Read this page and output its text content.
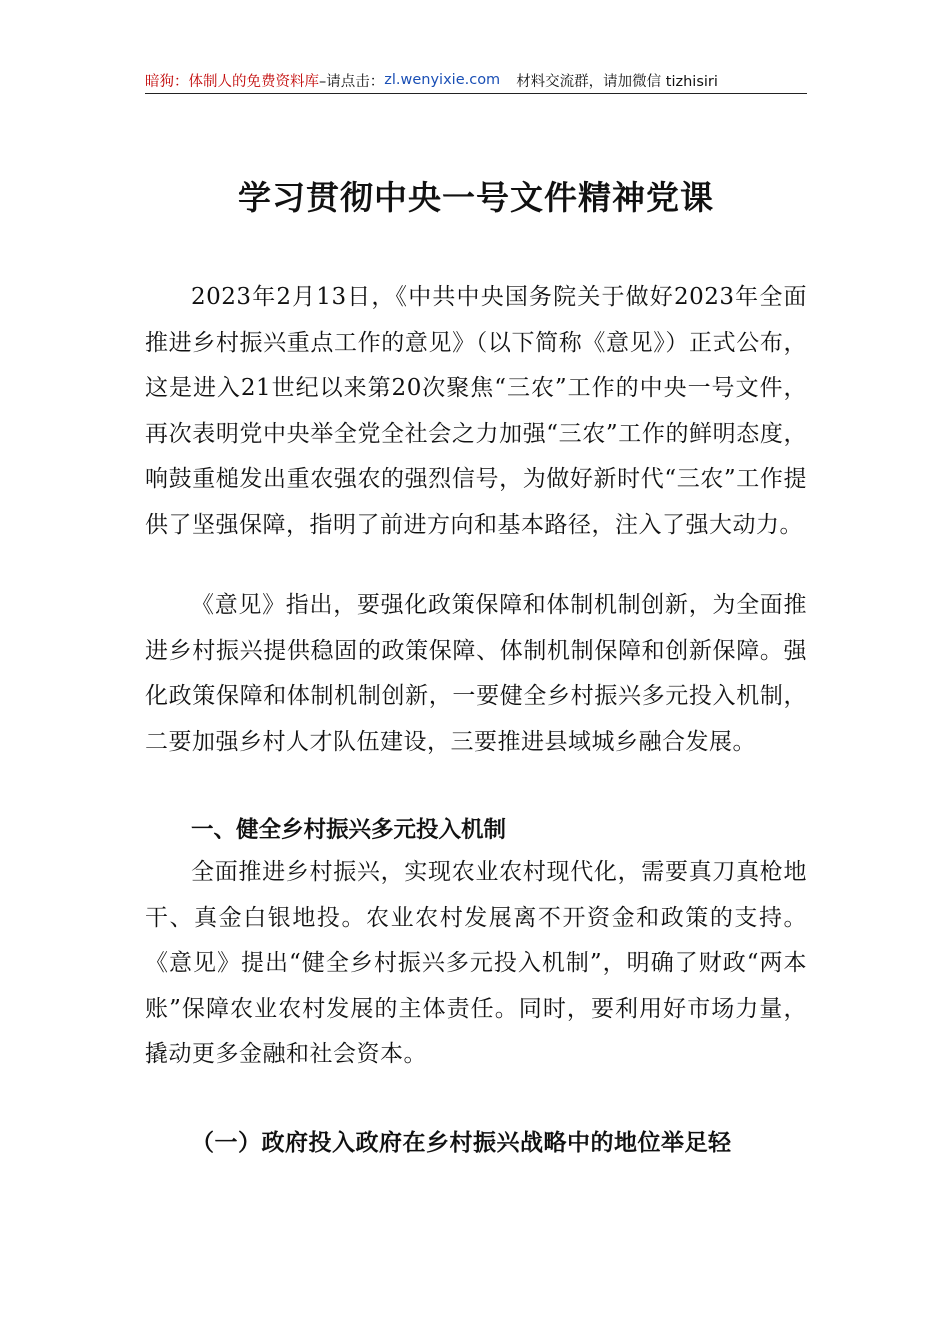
暗狗：体制人的免费资料库 –请点击： zl.wenyixie.com 材料交流群，请加微信 tizhisiri
学习贯彻中央一号文件精神党课

2023年2月13日，《中共中央国务院关于做好2023年全面推进乡村振兴重点工作的意见》（以下简称《意见》）正式公布，这是进入21世纪以来第20次聚焦“三农”工作的中央一号文件，再次表明党中央举全党全社会之力加强“三农”工作的鲜明态度，响鼓重槌发出重农强农的强烈信号，为做好新时代“三农”工作提供了坚强保障，指明了前进方向和基本路径，注入了强大动力。

《意见》指出，要强化政策保障和体制机制创新，为全面推进乡村振兴提供稳固的政策保障、体制机制保障和创新保障。强化政策保障和体制机制创新，一要健全乡村振兴多元投入机制，二要加强乡村人才队伍建设，三要推进县域城乡融合发展。

一、健全乡村振兴多元投入机制

全面推进乡村振兴，实现农业农村现代化，需要真刀真枪地干、真金白银地投。农业农村发展离不开资金和政策的支持。《意见》提出“健全乡村振兴多元投入机制”，明确了财政“两本账”保障农业农村发展的主体责任。同时，要利用好市场力量，撬动更多金融和社会资本。

（一）政府投入政府在乡村振兴战略中的地位举足轻
